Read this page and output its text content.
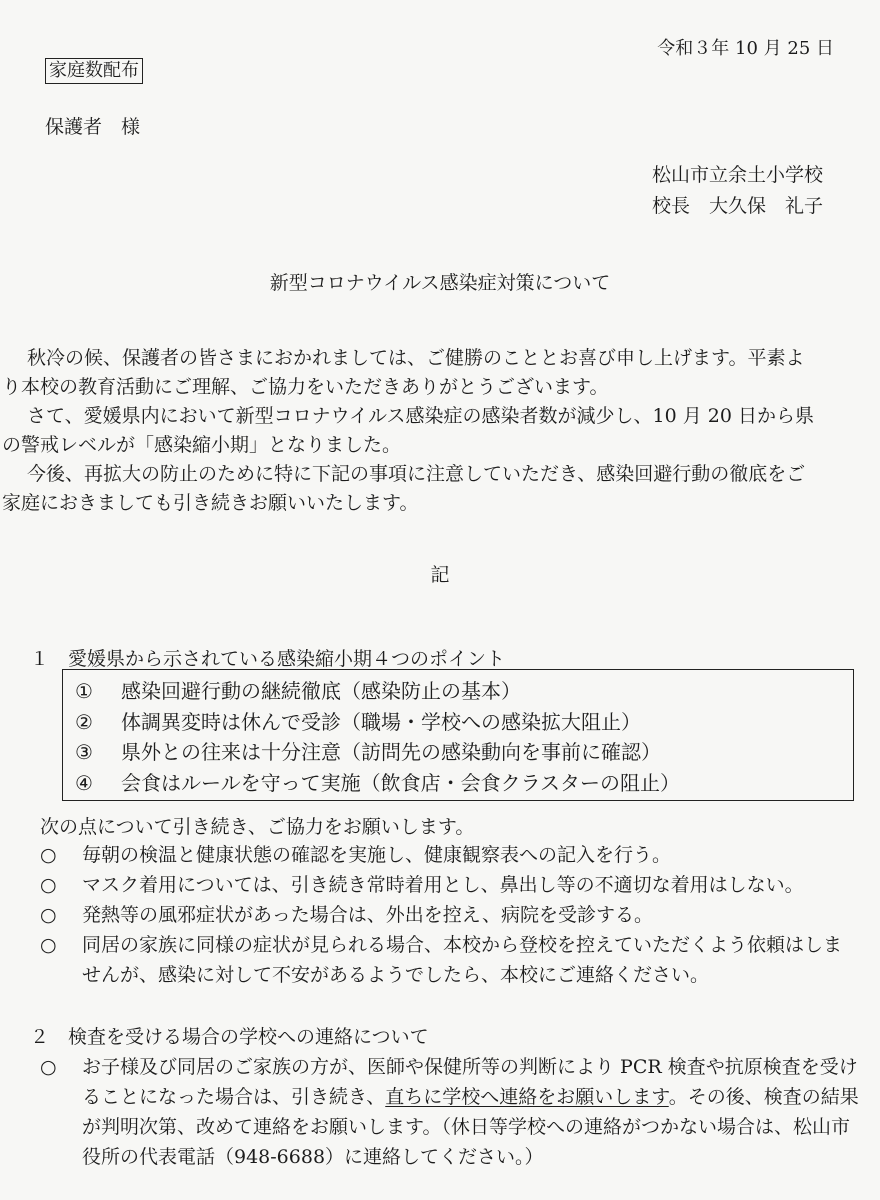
令和３年 10 月 25 日
家庭数配布
保護者　様
松山市立余土小学校
校長　大久保　礼子
新型コロナウイルス感染症対策について

　秋冷の候、保護者の皆さまにおかれましては、ご健勝のこととお喜び申し上げます。平素よ

り本校の教育活動にご理解、ご協力をいただきありがとうございます。

　さて、愛媛県内において新型コロナウイルス感染症の感染者数が減少し、10 月 20 日から県

の警戒レベルが「感染縮小期」となりました。

　今後、再拡大の防止のために特に下記の事項に注意していただき、感染回避行動の徹底をご

家庭におきましても引き続きお願いいたします。

記
１　愛媛県から示されている感染縮小期４つのポイント
①	感染回避行動の継続徹底（感染防止の基本）
②	体調異変時は休んで受診（職場・学校への感染拡大阻止）
③	県外との往来は十分注意（訪問先の感染動向を事前に確認）
④	会食はルールを守って実施（飲食店・会食クラスターの阻止）
次の点について引き続き、ご協力をお願いします。
○	毎朝の検温と健康状態の確認を実施し、健康観察表への記入を行う。
○	マスク着用については、引き続き常時着用とし、鼻出し等の不適切な着用はしない。
○	発熱等の風邪症状があった場合は、外出を控え、病院を受診する。
○	同居の家族に同様の症状が見られる場合、本校から登校を控えていただくよう依頼はしませんが、感染に対して不安があるようでしたら、本校にご連絡ください。
２　検査を受ける場合の学校への連絡について
○	お子様及び同居のご家族の方が、医師や保健所等の判断により PCR 検査や抗原検査を受けることになった場合は、引き続き、直ちに学校へ連絡をお願いします。その後、検査の結果が判明次第、改めて連絡をお願いします。（休日等学校への連絡がつかない場合は、松山市役所の代表電話（948-6688）に連絡してください。）
